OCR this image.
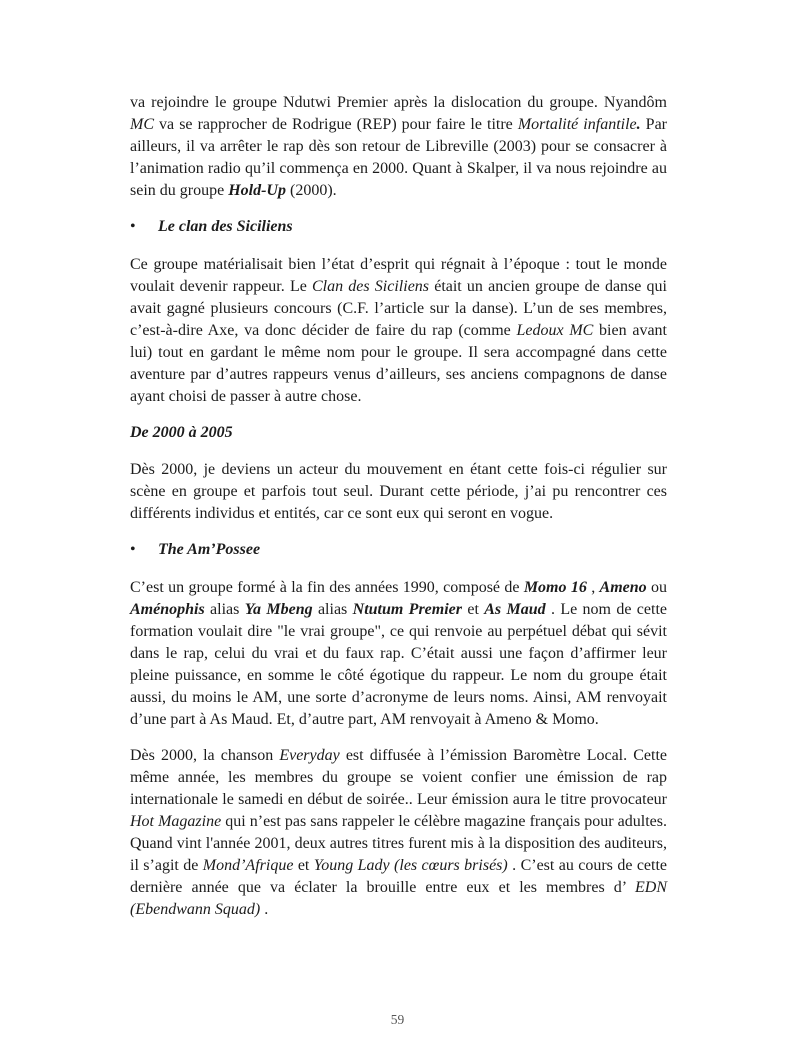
va rejoindre le groupe Ndutwi Premier après la dislocation du groupe. Nyandôm MC va se rapprocher de Rodrigue (REP) pour faire le titre Mortalité infantile. Par ailleurs, il va arrêter le rap dès son retour de Libreville (2003) pour se consacrer à l’animation radio qu’il commença en 2000. Quant à Skalper, il va nous rejoindre au sein du groupe Hold-Up (2000).

•	Le clan des Siciliens

Ce groupe matérialisait bien l’état d’esprit qui régnait à l’époque : tout le monde voulait devenir rappeur. Le Clan des Siciliens était un ancien groupe de danse qui avait gagné plusieurs concours (C.F. l’article sur la danse). L’un de ses membres, c’est-à-dire Axe, va donc décider de faire du rap (comme Ledoux MC bien avant lui) tout en gardant le même nom pour le groupe. Il sera accompagné dans cette aventure par d’autres rappeurs venus d’ailleurs, ses anciens compagnons de danse ayant choisi de passer à autre chose.

De 2000 à 2005

Dès 2000, je deviens un acteur du mouvement en étant cette fois-ci régulier sur scène en groupe et parfois tout seul. Durant cette période, j’ai pu rencontrer ces différents individus et entités, car ce sont eux qui seront en vogue.

•	The Am’Possee

C’est un groupe formé à la fin des années 1990, composé de Momo 16 , Ameno ou Aménophis alias Ya Mbeng alias Ntutum Premier et As Maud . Le nom de cette formation voulait dire "le vrai groupe", ce qui renvoie au perpétuel débat qui sévit dans le rap, celui du vrai et du faux rap. C’était aussi une façon d’affirmer leur pleine puissance, en somme le côté égotique du rappeur. Le nom du groupe était aussi, du moins le AM, une sorte d’acronyme de leurs noms. Ainsi, AM renvoyait d’une part à As Maud. Et, d’autre part, AM renvoyait à Ameno & Momo.

Dès 2000, la chanson Everyday est diffusée à l’émission Baromètre Local. Cette même année, les membres du groupe se voient confier une émission de rap internationale le samedi en début de soirée.. Leur émission aura le titre provocateur Hot Magazine qui n’est pas sans rappeler le célèbre magazine français pour adultes. Quand vint l'année 2001, deux autres titres furent mis à la disposition des auditeurs, il s’agit de Mond’Afrique et Young Lady (les cœurs brisés) . C’est au cours de cette dernière année que va éclater la brouille entre eux et les membres d’ EDN (Ebendwann Squad) .

59
